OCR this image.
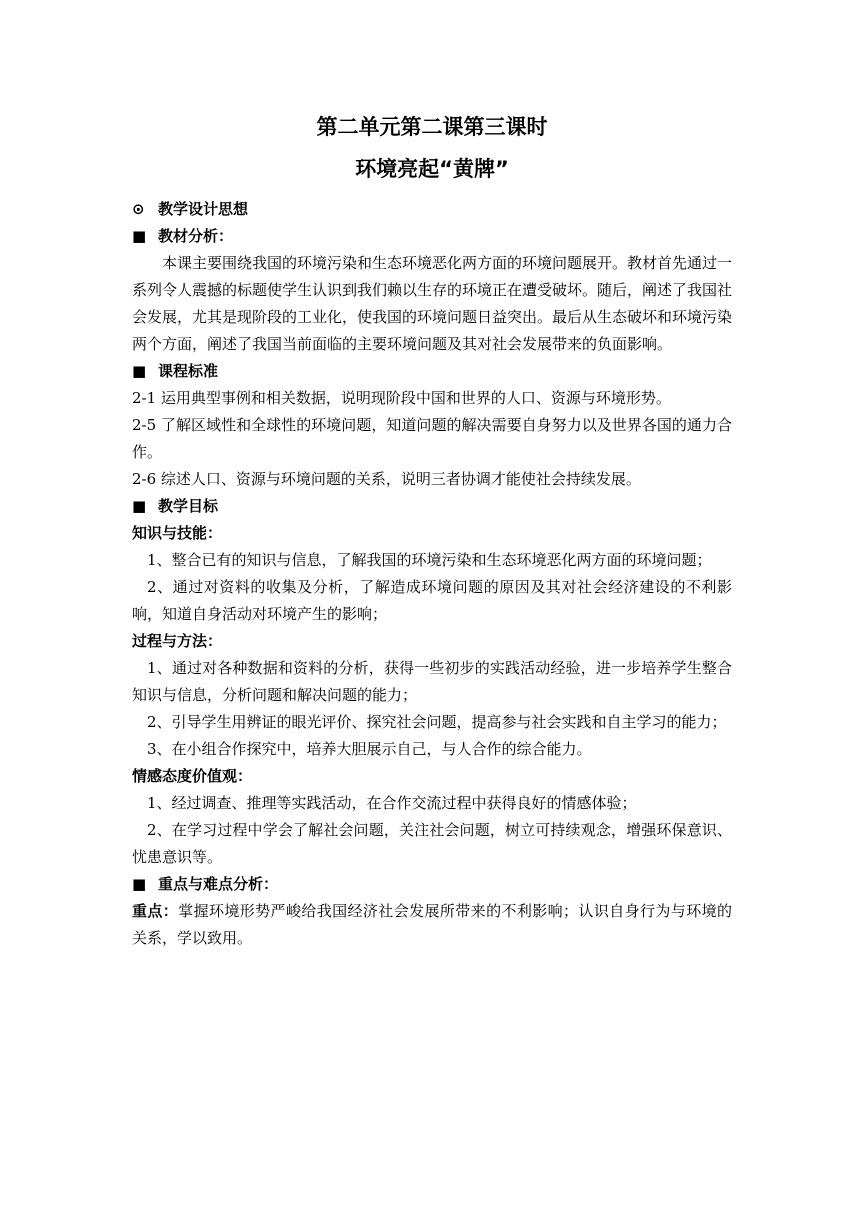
第二单元第二课第三课时
环境亮起“黄牌”
⊙ 教学设计思想
■ 教材分析：

本课主要围绕我国的环境污染和生态环境恶化两方面的环境问题展开。教材首先通过一系列令人震撼的标题使学生认识到我们赖以生存的环境正在遭受破坏。随后，阐述了我国社会发展，尤其是现阶段的工业化，使我国的环境问题日益突出。最后从生态破坏和环境污染两个方面，阐述了我国当前面临的主要环境问题及其对社会发展带来的负面影响。

■ 课程标准

2-1 运用典型事例和相关数据，说明现阶段中国和世界的人口、资源与环境形势。

2-5 了解区域性和全球性的环境问题，知道问题的解决需要自身努力以及世界各国的通力合作。

2-6 综述人口、资源与环境问题的关系，说明三者协调才能使社会持续发展。

■ 教学目标
知识与技能：

1、整合已有的知识与信息，了解我国的环境污染和生态环境恶化两方面的环境问题；

2、通过对资料的收集及分析，了解造成环境问题的原因及其对社会经济建设的不利影响，知道自身活动对环境产生的影响；

过程与方法：

1、通过对各种数据和资料的分析，获得一些初步的实践活动经验，进一步培养学生整合知识与信息，分析问题和解决问题的能力；

2、引导学生用辨证的眼光评价、探究社会问题，提高参与社会实践和自主学习的能力；

3、在小组合作探究中，培养大胆展示自己，与人合作的综合能力。

情感态度价值观：

1、经过调查、推理等实践活动，在合作交流过程中获得良好的情感体验；

2、在学习过程中学会了解社会问题，关注社会问题，树立可持续观念，增强环保意识、忧患意识等。

■ 重点与难点分析：

重点：掌握环境形势严峻给我国经济社会发展所带来的不利影响；认识自身行为与环境的关系，学以致用。
